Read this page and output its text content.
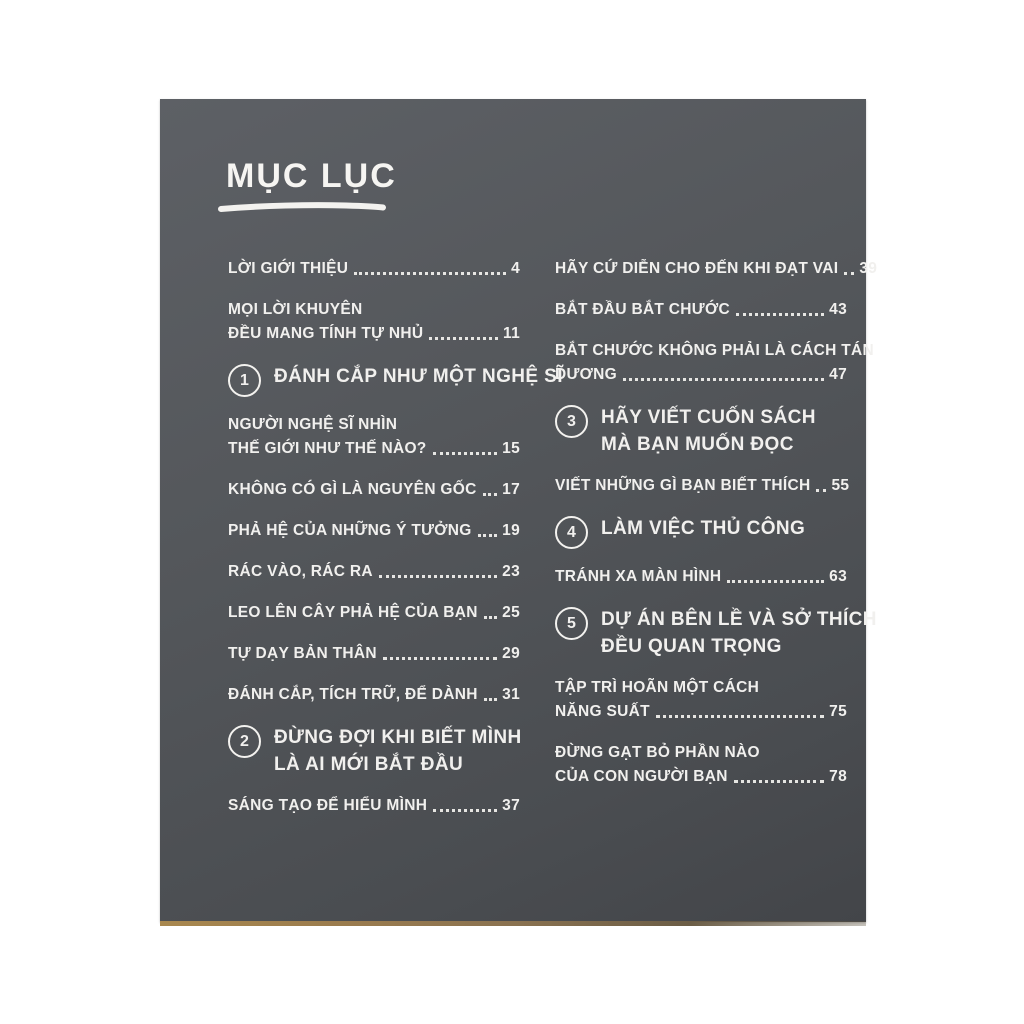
MỤC LỤC
LỜI GIỚI THIỆU	4
MỌI LỜI KHUYÊN
ĐỀU MANG TÍNH TỰ NHỦ	11
1	ĐÁNH CẮP NHƯ MỘT NGHỆ SĨ
NGƯỜI NGHỆ SĨ NHÌN
THẾ GIỚI NHƯ THẾ NÀO?	15
KHÔNG CÓ GÌ LÀ NGUYÊN GỐC 17
PHẢ HỆ CỦA NHỮNG Ý TƯỞNG 19
RÁC VÀO, RÁC RA	23
LEO LÊN CÂY PHẢ HỆ CỦA BẠN 25
TỰ DẠY BẢN THÂN	29
ĐÁNH CẮP, TÍCH TRỮ, ĐỂ DÀNH 31
2	ĐỪNG ĐỢI KHI BIẾT MÌNH
LÀ AI MỚI BẮT ĐẦU
SÁNG TẠO ĐỂ HIỂU MÌNH	37
HÃY CỨ DIỄN CHO ĐẾN KHI ĐẠT VAI 39
BẮT ĐẦU BẮT CHƯỚC	43
BẮT CHƯỚC KHÔNG PHẢI LÀ CÁCH TÁN
DƯƠNG	47
3	HÃY VIẾT CUỐN SÁCH
MÀ BẠN MUỐN ĐỌC
VIẾT NHỮNG GÌ BẠN BIẾT THÍCH 55
4	LÀM VIỆC THỦ CÔNG
TRÁNH XA MÀN HÌNH	63
5	DỰ ÁN BÊN LỀ VÀ SỞ THÍCH
ĐỀU QUAN TRỌNG
TẬP TRÌ HOÃN MỘT CÁCH
NĂNG SUẤT	75
ĐỪNG GẠT BỎ PHẦN NÀO
CỦA CON NGƯỜI BẠN	78
